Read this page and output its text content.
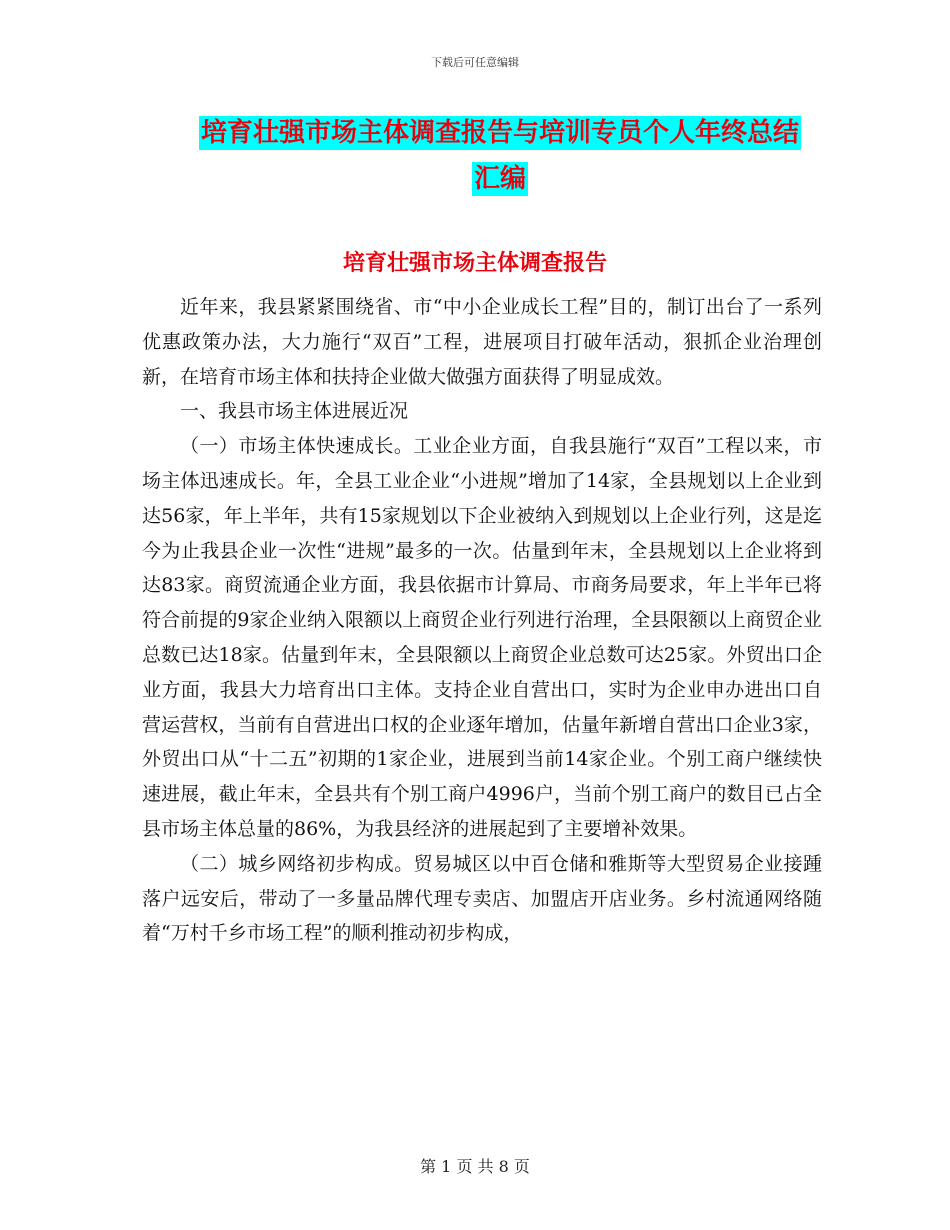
下载后可任意编辑
培育壮强市场主体调查报告与培训专员个人年终总结
汇编
培育壮强市场主体调查报告

近年来，我县紧紧围绕省、市“中小企业成长工程”目的，制订出台了一系列优惠政策办法，大力施行“双百”工程，进展项目打破年活动，狠抓企业治理创新，在培育市场主体和扶持企业做大做强方面获得了明显成效。

一、我县市场主体进展近况

（一）市场主体快速成长。工业企业方面，自我县施行“双百”工程以来，市场主体迅速成长。年，全县工业企业“小进规”增加了14家，全县规划以上企业到达56家，年上半年，共有15家规划以下企业被纳入到规划以上企业行列，这是迄今为止我县企业一次性“进规”最多的一次。估量到年末，全县规划以上企业将到达83家。商贸流通企业方面，我县依据市计算局、市商务局要求，年上半年已将符合前提的9家企业纳入限额以上商贸企业行列进行治理，全县限额以上商贸企业总数已达18家。估量到年末，全县限额以上商贸企业总数可达25家。外贸出口企业方面，我县大力培育出口主体。支持企业自营出口，实时为企业申办进出口自营运营权，当前有自营进出口权的企业逐年增加，估量年新增自营出口企业3家，外贸出口从“十二五”初期的1家企业，进展到当前14家企业。个别工商户继续快速进展，截止年末，全县共有个别工商户4996户，当前个别工商户的数目已占全县市场主体总量的86%，为我县经济的进展起到了主要增补效果。

（二）城乡网络初步构成。贸易城区以中百仓储和雅斯等大型贸易企业接踵落户远安后，带动了一多量品牌代理专卖店、加盟店开店业务。乡村流通网络随着“万村千乡市场工程”的顺利推动初步构成，

第 1 页 共 8 页
